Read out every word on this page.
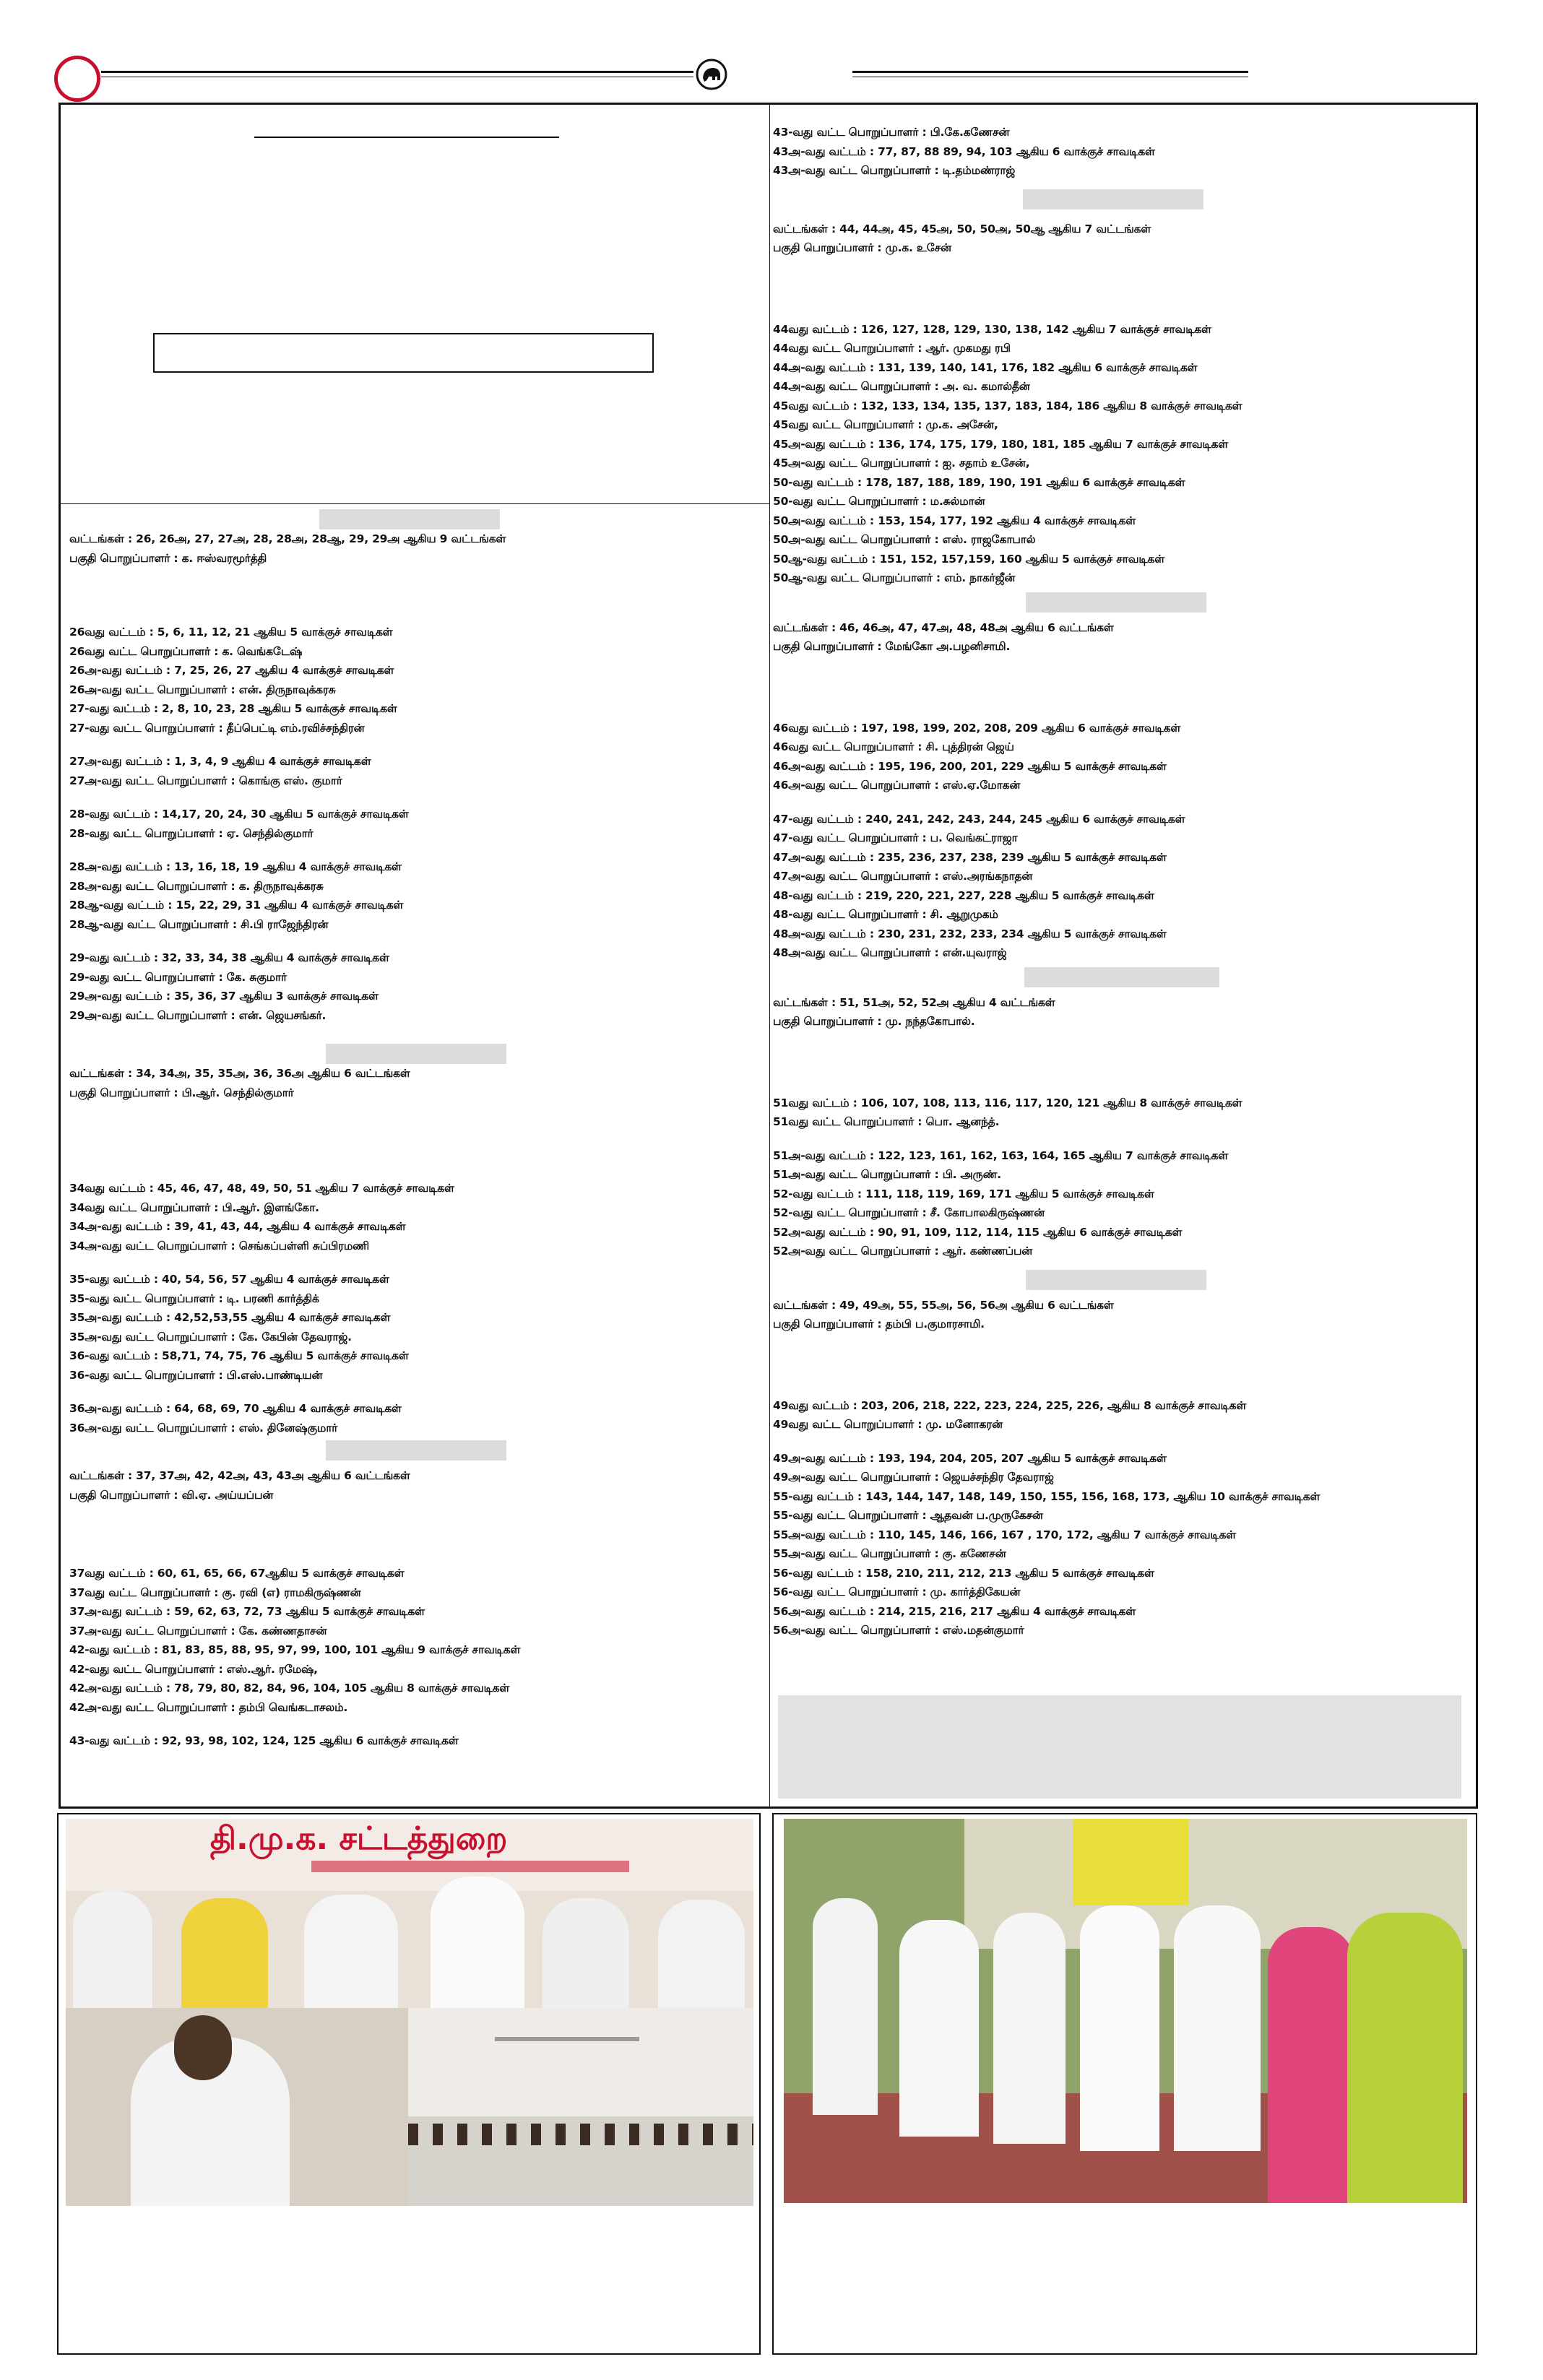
வட்டங்கள் : 26, 26அ, 27, 27அ, 28, 28அ, 28ஆ, 29, 29அ ஆகிய 9 வட்டங்கள்
பகுதி பொறுப்பாளர் : க. ஈஸ்வரமூர்த்தி
26வது வட்டம் : 5, 6, 11, 12, 21 ஆகிய 5 வாக்குச் சாவடிகள்
26வது வட்ட பொறுப்பாளர் : க. வெங்கடேஷ்
26அ-வது வட்டம் : 7, 25, 26, 27 ஆகிய 4 வாக்குச் சாவடிகள்
26அ-வது வட்ட பொறுப்பாளர் : என். திருநாவுக்கரசு
27-வது வட்டம் : 2, 8, 10, 23, 28 ஆகிய 5 வாக்குச் சாவடிகள்
27-வது வட்ட பொறுப்பாளர் : தீப்பெட்டி எம்.ரவிச்சந்திரன்
27அ-வது வட்டம் : 1, 3, 4, 9 ஆகிய 4 வாக்குச் சாவடிகள்
27அ-வது வட்ட பொறுப்பாளர் : கொங்கு எஸ். குமார்
28-வது வட்டம் : 14,17, 20, 24, 30 ஆகிய 5 வாக்குச் சாவடிகள்
28-வது வட்ட பொறுப்பாளர் : ஏ. செந்தில்குமார்
28அ-வது வட்டம் : 13, 16, 18, 19 ஆகிய 4 வாக்குச் சாவடிகள்
28அ-வது வட்ட பொறுப்பாளர் : க. திருநாவுக்கரசு
28ஆ-வது வட்டம் : 15, 22, 29, 31 ஆகிய 4 வாக்குச் சாவடிகள்
28ஆ-வது வட்ட பொறுப்பாளர் : சி.பி ராஜேந்திரன்
29-வது வட்டம் : 32, 33, 34, 38 ஆகிய 4 வாக்குச் சாவடிகள்
29-வது வட்ட பொறுப்பாளர் : கே. சுகுமார்
29அ-வது வட்டம் : 35, 36, 37 ஆகிய 3 வாக்குச் சாவடிகள்
29அ-வது வட்ட பொறுப்பாளர் : என். ஜெயசங்கர்.
வட்டங்கள் : 34, 34அ, 35, 35அ, 36, 36அ ஆகிய 6 வட்டங்கள்
பகுதி பொறுப்பாளர் : பி.ஆர். செந்தில்குமார்
34வது வட்டம் : 45, 46, 47, 48, 49, 50, 51 ஆகிய 7 வாக்குச் சாவடிகள்
34வது வட்ட பொறுப்பாளர் : பி.ஆர். இளங்கோ.
34அ-வது வட்டம் : 39, 41, 43, 44, ஆகிய 4 வாக்குச் சாவடிகள்
34அ-வது வட்ட பொறுப்பாளர் : செங்கப்பள்ளி சுப்பிரமணி
35-வது வட்டம் : 40, 54, 56, 57 ஆகிய 4 வாக்குச் சாவடிகள்
35-வது வட்ட பொறுப்பாளர் : டி. பரணி கார்த்திக்
35அ-வது வட்டம் : 42,52,53,55 ஆகிய 4 வாக்குச் சாவடிகள்
35அ-வது வட்ட பொறுப்பாளர் : கே. கேபின் தேவராஜ்.
36-வது வட்டம் : 58,71, 74, 75, 76 ஆகிய 5 வாக்குச் சாவடிகள்
36-வது வட்ட பொறுப்பாளர் : பி.எஸ்.பாண்டியன்
36அ-வது வட்டம் : 64, 68, 69, 70 ஆகிய 4 வாக்குச் சாவடிகள்
36அ-வது வட்ட பொறுப்பாளர் : எஸ். தினேஷ்குமார்
வட்டங்கள் : 37, 37அ, 42, 42அ, 43, 43அ ஆகிய 6 வட்டங்கள்
பகுதி பொறுப்பாளர் : வி.ஏ. அய்யப்பன்
37வது வட்டம் : 60, 61, 65, 66, 67ஆகிய 5 வாக்குச் சாவடிகள்
37வது வட்ட பொறுப்பாளர் : கு. ரவி (எ) ராமகிருஷ்ணன்
37அ-வது வட்டம் : 59, 62, 63, 72, 73 ஆகிய 5 வாக்குச் சாவடிகள்
37அ-வது வட்ட பொறுப்பாளர் : கே. கண்ணதாசன்
42-வது வட்டம் : 81, 83, 85, 88, 95, 97, 99, 100, 101 ஆகிய 9 வாக்குச் சாவடிகள்
42-வது வட்ட பொறுப்பாளர் : எஸ்.ஆர். ரமேஷ்,
42அ-வது வட்டம் : 78, 79, 80, 82, 84, 96, 104, 105 ஆகிய 8 வாக்குச் சாவடிகள்
42அ-வது வட்ட பொறுப்பாளர் : தம்பி வெங்கடாசலம்.
43-வது வட்டம் : 92, 93, 98, 102, 124, 125 ஆகிய 6 வாக்குச் சாவடிகள்
43-வது வட்ட பொறுப்பாளர் : பி.கே.கணேசன்
43அ-வது வட்டம் : 77, 87, 88 89, 94, 103 ஆகிய 6 வாக்குச் சாவடிகள்
43அ-வது வட்ட பொறுப்பாளர் : டி.தம்மண்ராஜ்
வட்டங்கள் : 44, 44அ, 45, 45அ, 50, 50அ, 50ஆ ஆகிய 7 வட்டங்கள்
பகுதி பொறுப்பாளர் : மு.க. உசேன்
44வது வட்டம் : 126, 127, 128, 129, 130, 138, 142 ஆகிய 7 வாக்குச் சாவடிகள்
44வது வட்ட பொறுப்பாளர் : ஆர். முகமது ரபி
44அ-வது வட்டம் : 131, 139, 140, 141, 176, 182 ஆகிய 6 வாக்குச் சாவடிகள்
44அ-வது வட்ட பொறுப்பாளர் : அ. வ. கமால்தீன்
45வது வட்டம் : 132, 133, 134, 135, 137, 183, 184, 186 ஆகிய 8 வாக்குச் சாவடிகள்
45வது வட்ட பொறுப்பாளர் : மு.க. அசேன்,
45அ-வது வட்டம் : 136, 174, 175, 179, 180, 181, 185 ஆகிய 7 வாக்குச் சாவடிகள்
45அ-வது வட்ட பொறுப்பாளர் : ஐ. சதாம் உசேன்,
50-வது வட்டம் : 178, 187, 188, 189, 190, 191 ஆகிய 6 வாக்குச் சாவடிகள்
50-வது வட்ட பொறுப்பாளர் : ம.சுல்மான்
50அ-வது வட்டம் : 153, 154, 177, 192 ஆகிய 4 வாக்குச் சாவடிகள்
50அ-வது வட்ட பொறுப்பாளர் : எஸ். ராஜகோபால்
50ஆ-வது வட்டம் : 151, 152, 157,159, 160 ஆகிய 5 வாக்குச் சாவடிகள்
50ஆ-வது வட்ட பொறுப்பாளர் : எம். நாகர்ஜீன்
வட்டங்கள் : 46, 46அ, 47, 47அ, 48, 48அ ஆகிய 6 வட்டங்கள்
பகுதி பொறுப்பாளர் : மேங்கோ அ.பழனிசாமி.
46வது வட்டம் : 197, 198, 199, 202, 208, 209 ஆகிய 6 வாக்குச் சாவடிகள்
46வது வட்ட பொறுப்பாளர் : சி. புத்திரன் ஜெய்
46அ-வது வட்டம் : 195, 196, 200, 201, 229 ஆகிய 5 வாக்குச் சாவடிகள்
46அ-வது வட்ட பொறுப்பாளர் : எஸ்.ஏ.மோகன்
47-வது வட்டம் : 240, 241, 242, 243, 244, 245 ஆகிய 6 வாக்குச் சாவடிகள்
47-வது வட்ட பொறுப்பாளர் : ப. வெங்கட்ராஜா
47அ-வது வட்டம் : 235, 236, 237, 238, 239 ஆகிய 5 வாக்குச் சாவடிகள்
47அ-வது வட்ட பொறுப்பாளர் : எஸ்.அரங்கநாதன்
48-வது வட்டம் : 219, 220, 221, 227, 228 ஆகிய 5 வாக்குச் சாவடிகள்
48-வது வட்ட பொறுப்பாளர் : சி. ஆறுமுகம்
48அ-வது வட்டம் : 230, 231, 232, 233, 234 ஆகிய 5 வாக்குச் சாவடிகள்
48அ-வது வட்ட பொறுப்பாளர் : என்.யுவராஜ்
வட்டங்கள் : 51, 51அ, 52, 52அ ஆகிய 4 வட்டங்கள்
பகுதி பொறுப்பாளர் : மு. நந்தகோபால்.
51வது வட்டம் : 106, 107, 108, 113, 116, 117, 120, 121 ஆகிய 8 வாக்குச் சாவடிகள்
51வது வட்ட பொறுப்பாளர் : பொ. ஆனந்த்.
51அ-வது வட்டம் : 122, 123, 161, 162, 163, 164, 165 ஆகிய 7 வாக்குச் சாவடிகள்
51அ-வது வட்ட பொறுப்பாளர் : பி. அருண்.
52-வது வட்டம் : 111, 118, 119, 169, 171 ஆகிய 5 வாக்குச் சாவடிகள்
52-வது வட்ட பொறுப்பாளர் : சீ. கோபாலகிருஷ்ணன்
52அ-வது வட்டம் : 90, 91, 109, 112, 114, 115 ஆகிய 6 வாக்குச் சாவடிகள்
52அ-வது வட்ட பொறுப்பாளர் : ஆர். கண்ணப்பன்
வட்டங்கள் : 49, 49அ, 55, 55அ, 56, 56அ ஆகிய 6 வட்டங்கள்
பகுதி பொறுப்பாளர் : தம்பி ப.குமாரசாமி.
49வது வட்டம் : 203, 206, 218, 222, 223, 224, 225, 226, ஆகிய 8 வாக்குச் சாவடிகள்
49வது வட்ட பொறுப்பாளர் : மு. மனோகரன்
49அ-வது வட்டம் : 193, 194, 204, 205, 207 ஆகிய 5 வாக்குச் சாவடிகள்
49அ-வது வட்ட பொறுப்பாளர் : ஜெயச்சந்திர தேவராஜ்
55-வது வட்டம் : 143, 144, 147, 148, 149, 150, 155, 156, 168, 173, ஆகிய 10 வாக்குச் சாவடிகள்
55-வது வட்ட பொறுப்பாளர் : ஆதவன் ப.முருகேசன்
55அ-வது வட்டம் : 110, 145, 146, 166, 167 , 170, 172, ஆகிய 7 வாக்குச் சாவடிகள்
55அ-வது வட்ட பொறுப்பாளர் : கு. கணேசன்
56-வது வட்டம் : 158, 210, 211, 212, 213 ஆகிய 5 வாக்குச் சாவடிகள்
56-வது வட்ட பொறுப்பாளர் : மு. கார்த்திகேயன்
56அ-வது வட்டம் : 214, 215, 216, 217 ஆகிய 4 வாக்குச் சாவடிகள்
56அ-வது வட்ட பொறுப்பாளர் : எஸ்.மதன்குமார்
தி.மு.க. சட்டத்துறை
